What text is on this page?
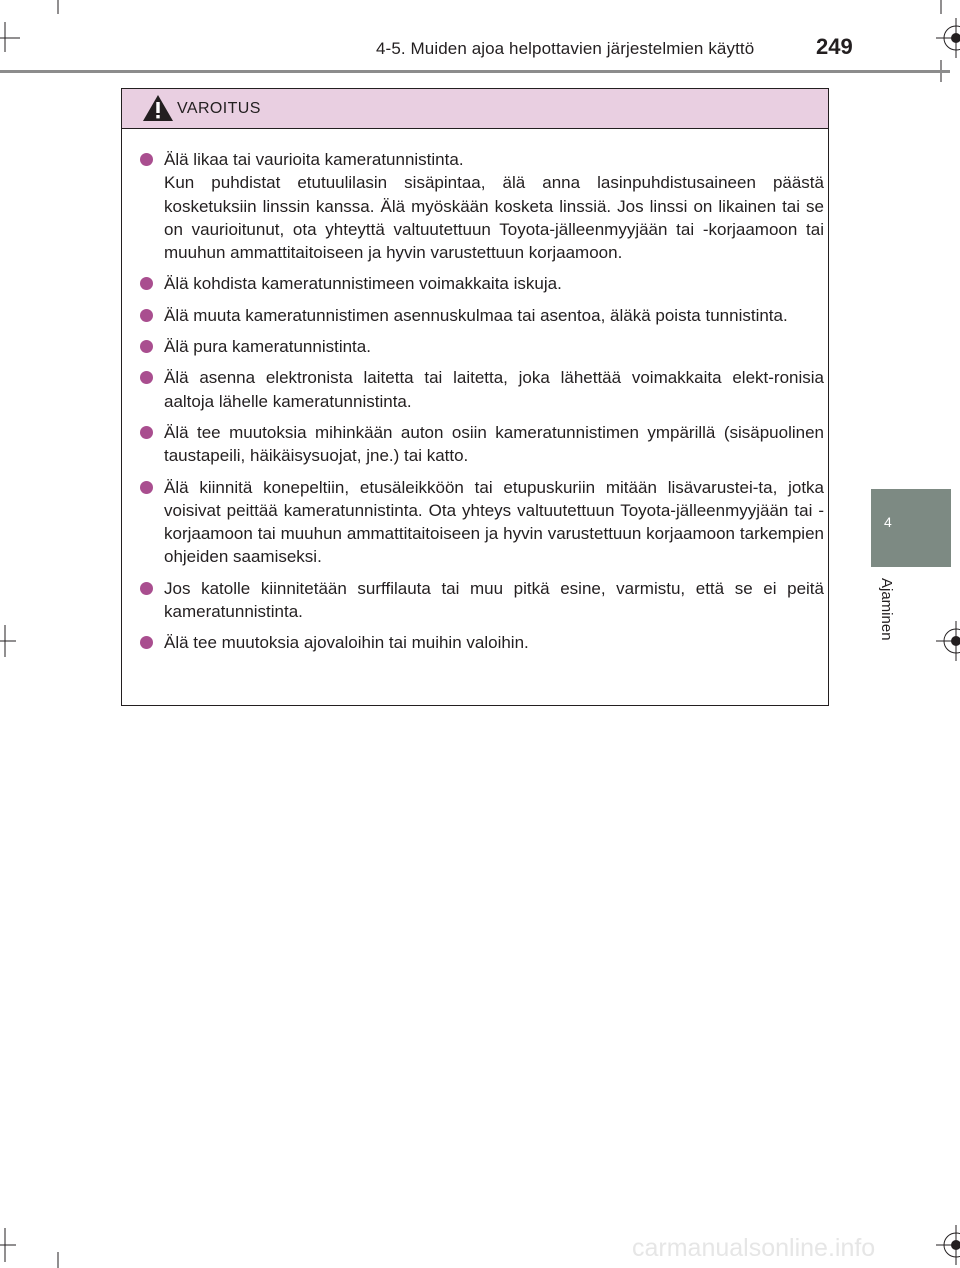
4-5. Muiden ajoa helpottavien järjestelmien käyttö	249
4
Ajaminen
VAROITUS
Älä likaa tai vaurioita kameratunnistinta.
Kun puhdistat etutuulilasin sisäpintaa, älä anna lasinpuhdistusaineen päästä kosketuksiin linssin kanssa. Älä myöskään kosketa linssiä. Jos linssi on likainen tai se on vaurioitunut, ota yhteyttä valtuutettuun Toyota-jälleenmyyjään tai -korjaamoon tai muuhun ammattitaitoiseen ja hyvin varustettuun korjaamoon.
Älä kohdista kameratunnistimeen voimakkaita iskuja.
Älä muuta kameratunnistimen asennuskulmaa tai asentoa, äläkä poista tunnistinta.
Älä pura kameratunnistinta.
Älä asenna elektronista laitetta tai laitetta, joka lähettää voimakkaita elekt-ronisia aaltoja lähelle kameratunnistinta.
Älä tee muutoksia mihinkään auton osiin kameratunnistimen ympärillä (sisäpuolinen taustapeili, häikäisysuojat, jne.) tai katto.
Älä kiinnitä konepeltiin, etusäleikköön tai etupuskuriin mitään lisävarustei-ta, jotka voisivat peittää kameratunnistinta. Ota yhteys valtuutettuun Toyota-jälleenmyyjään tai -korjaamoon tai muuhun ammattitaitoiseen ja hyvin varustettuun korjaamoon tarkempien ohjeiden saamiseksi.
Jos katolle kiinnitetään surffilauta tai muu pitkä esine, varmistu, että se ei peitä kameratunnistinta.
Älä tee muutoksia ajovaloihin tai muihin valoihin.
carmanualsonline.info
